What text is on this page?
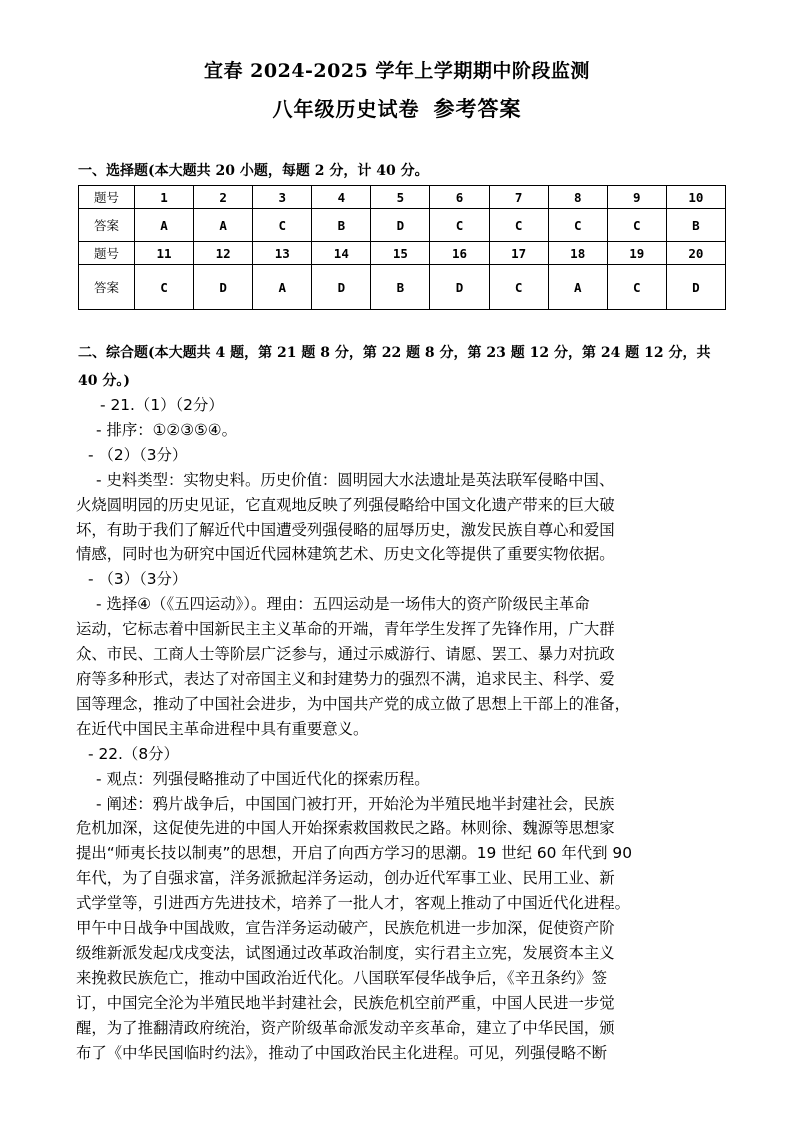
宜春 2024-2025 学年上学期期中阶段监测
八年级历史试卷 参考答案
一、选择题(本大题共 20 小题，每题 2 分，计 40 分。
题号	1	2	3	4	5	6	7	8	9	10
答案	A	A	C	B	D	C	C	C	C	B
题号	11	12	13	14	15	16	17	18	19	20
答案	C	D	A	D	B	D	C	A	C	D
二、综合题(本大题共 4 题，第 21 题 8 分，第 22 题 8 分，第 23 题 12 分，第 24 题 12 分，共 40 分。)

- 21.（1）（2分）

- 排序：①②③⑤④。

- （2）（3分）

- 史料类型：实物史料。历史价值：圆明园大水法遗址是英法联军侵略中国、

火烧圆明园的历史见证，它直观地反映了列强侵略给中国文化遗产带来的巨大破

坏，有助于我们了解近代中国遭受列强侵略的屈辱历史，激发民族自尊心和爱国

情感，同时也为研究中国近代园林建筑艺术、历史文化等提供了重要实物依据。

- （3）（3分）

- 选择④（《五四运动》）。理由：五四运动是一场伟大的资产阶级民主革命

运动，它标志着中国新民主主义革命的开端，青年学生发挥了先锋作用，广大群

众、市民、工商人士等阶层广泛参与，通过示威游行、请愿、罢工、暴力对抗政

府等多种形式，表达了对帝国主义和封建势力的强烈不满，追求民主、科学、爱

国等理念，推动了中国社会进步，为中国共产党的成立做了思想上干部上的准备，

在近代中国民主革命进程中具有重要意义。

- 22.（8分）

- 观点：列强侵略推动了中国近代化的探索历程。

- 阐述：鸦片战争后，中国国门被打开，开始沦为半殖民地半封建社会，民族

危机加深，这促使先进的中国人开始探索救国救民之路。林则徐、魏源等思想家

提出“师夷长技以制夷”的思想，开启了向西方学习的思潮。19 世纪 60 年代到 90

年代，为了自强求富，洋务派掀起洋务运动，创办近代军事工业、民用工业、新

式学堂等，引进西方先进技术，培养了一批人才，客观上推动了中国近代化进程。

甲午中日战争中国战败，宣告洋务运动破产，民族危机进一步加深，促使资产阶

级维新派发起戊戌变法，试图通过改革政治制度，实行君主立宪，发展资本主义

来挽救民族危亡，推动中国政治近代化。八国联军侵华战争后，《辛丑条约》签

订，中国完全沦为半殖民地半封建社会，民族危机空前严重，中国人民进一步觉

醒，为了推翻清政府统治，资产阶级革命派发动辛亥革命，建立了中华民国，颁

布了《中华民国临时约法》，推动了中国政治民主化进程。可见，列强侵略不断
